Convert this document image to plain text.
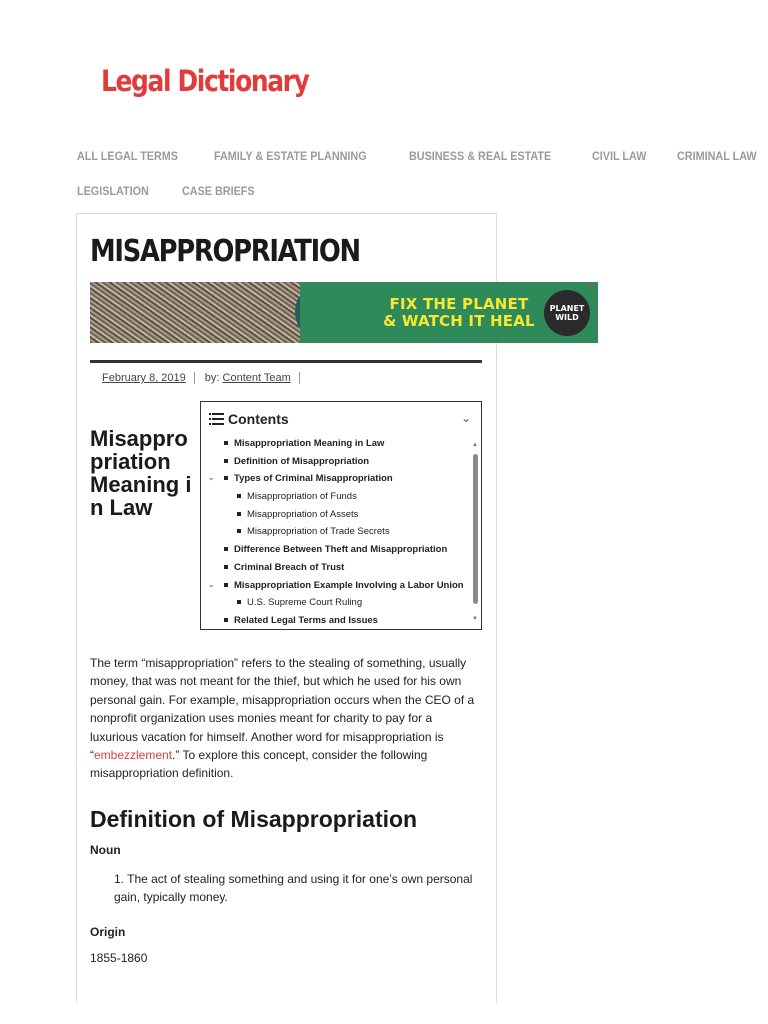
Legal Dictionary
ALL LEGAL TERMS	FAMILY & ESTATE PLANNING	BUSINESS & REAL ESTATE	CIVIL LAW	CRIMINAL LAW
LEGISLATION	CASE BRIEFS
MISAPPROPRIATION
FIX THE PLANET
& WATCH IT HEAL
PLANET
WILD
✕
February 8, 2019 by:
Content Team
Misappropriation Meaning in Law
Contents	⌄
Misappropriation Meaning in Law
Definition of Misappropriation
⌄ Types of Criminal Misappropriation
Misappropriation of Funds
Misappropriation of Assets
Misappropriation of Trade Secrets
Difference Between Theft and Misappropriation
Criminal Breach of Trust
⌄ Misappropriation Example Involving a Labor Union
U.S. Supreme Court Ruling
Related Legal Terms and Issues
▲
▼

The term “misappropriation” refers to the stealing of something, usually money, that was not meant for the thief, but which he used for his own personal gain. For example, misappropriation occurs when the CEO of a nonprofit organization uses monies meant for charity to pay for a luxurious vacation for himself. Another word for misappropriation is “embezzlement.” To explore this concept, consider the following misappropriation definition.

Definition of Misappropriation
Noun
1. The act of stealing something and using it for one’s own personal gain, typically money.
Origin
1855-1860
